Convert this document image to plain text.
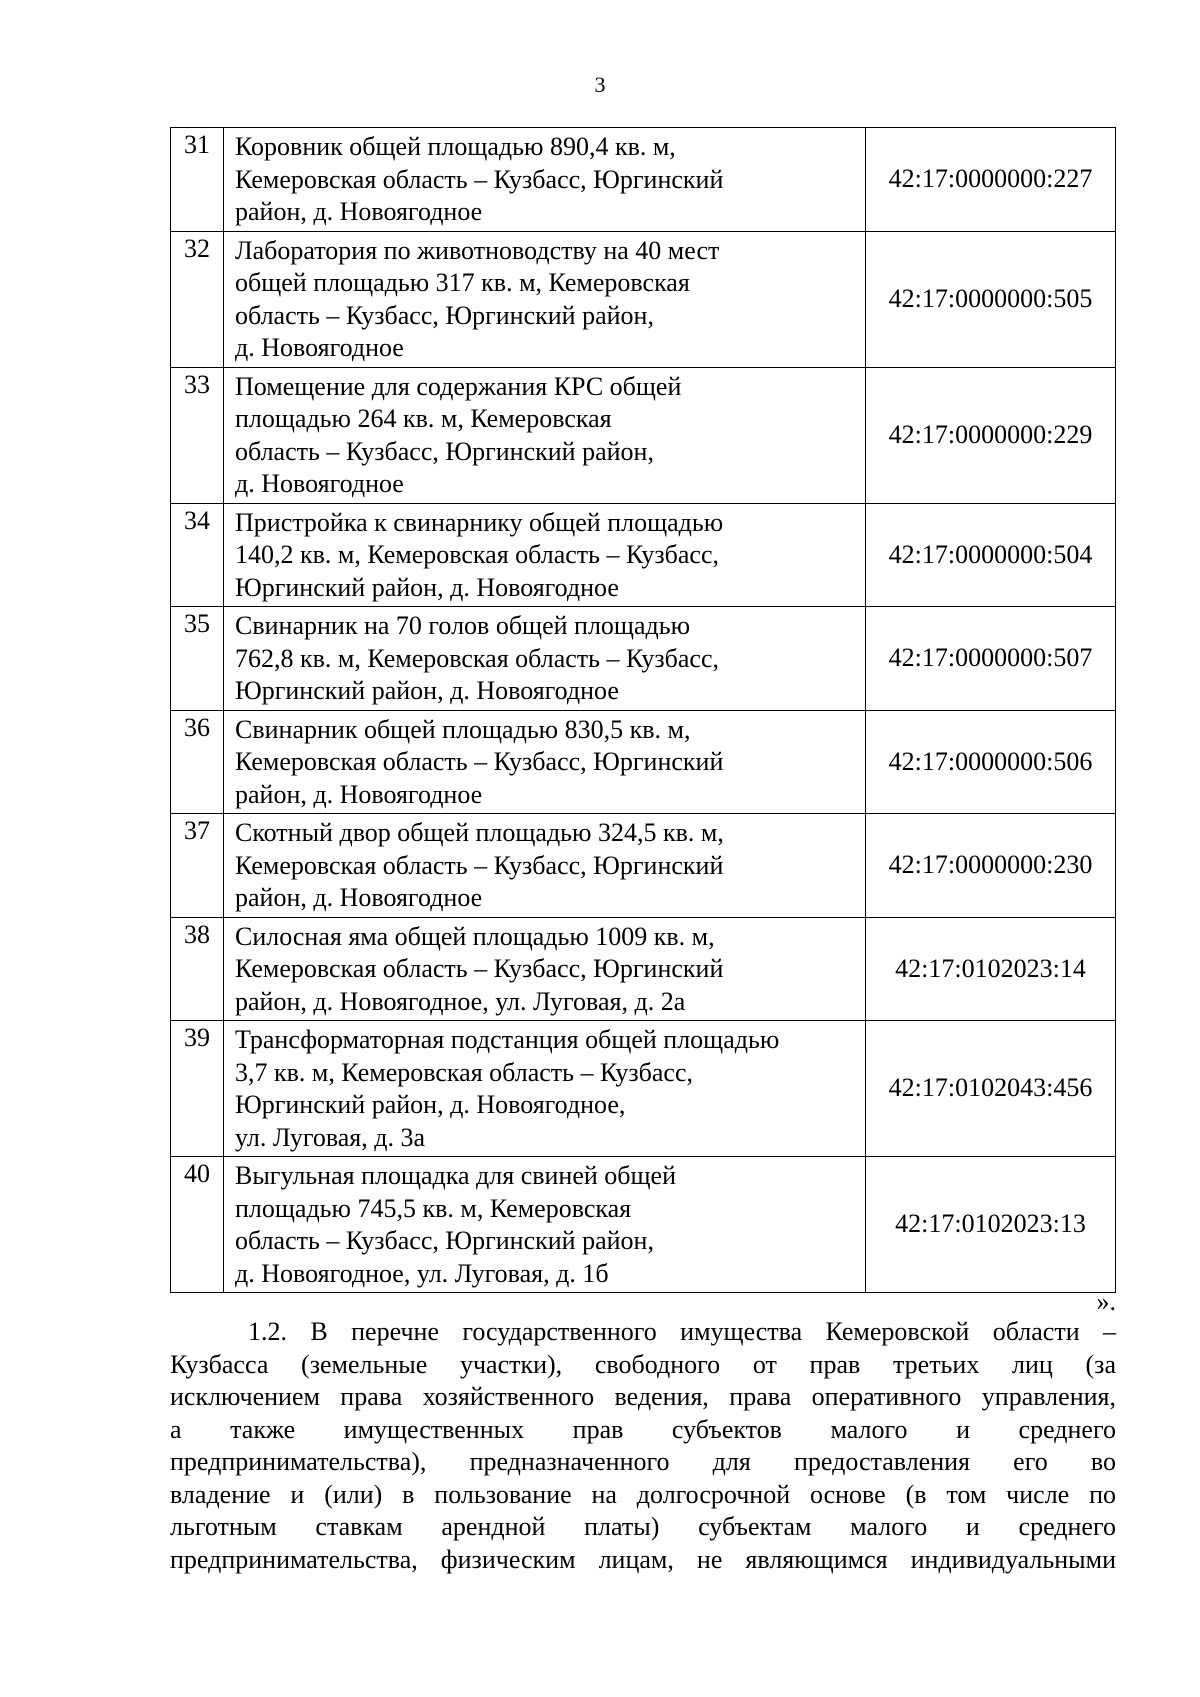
3
31	Коровник общей площадью 890,4 кв. м,
Кемеровская область – Кузбасс, Юргинский
район, д. Новоягодное	42:17:0000000:227
32	Лаборатория по животноводству на 40 мест
общей площадью 317 кв. м, Кемеровская
область – Кузбасс, Юргинский район,
д. Новоягодное	42:17:0000000:505
33	Помещение для содержания КРС общей
площадью 264 кв. м, Кемеровская
область – Кузбасс, Юргинский район,
д. Новоягодное	42:17:0000000:229
34	Пристройка к свинарнику общей площадью
140,2 кв. м, Кемеровская область – Кузбасс,
Юргинский район, д. Новоягодное	42:17:0000000:504
35	Свинарник на 70 голов общей площадью
762,8 кв. м, Кемеровская область – Кузбасс,
Юргинский район, д. Новоягодное	42:17:0000000:507
36	Свинарник общей площадью 830,5 кв. м,
Кемеровская область – Кузбасс, Юргинский
район, д. Новоягодное	42:17:0000000:506
37	Скотный двор общей площадью 324,5 кв. м,
Кемеровская область – Кузбасс, Юргинский
район, д. Новоягодное	42:17:0000000:230
38	Силосная яма общей площадью 1009 кв. м,
Кемеровская область – Кузбасс, Юргинский
район, д. Новоягодное, ул. Луговая, д. 2а	42:17:0102023:14
39	Трансформаторная подстанция общей площадью
3,7 кв. м, Кемеровская область – Кузбасс,
Юргинский район, д. Новоягодное,
ул. Луговая, д. 3а	42:17:0102043:456
40	Выгульная площадка для свиней общей
площадью 745,5 кв. м, Кемеровская
область – Кузбасс, Юргинский район,
д. Новоягодное, ул. Луговая, д. 1б	42:17:0102023:13
».
1.2. В перечне государственного имущества Кемеровской области –
Кузбасса (земельные участки), свободного от прав третьих лиц (за
исключением права хозяйственного ведения, права оперативного управления,
а также имущественных прав субъектов малого и среднего
предпринимательства), предназначенного для предоставления его во
владение и (или) в пользование на долгосрочной основе (в том числе по
льготным ставкам арендной платы) субъектам малого и среднего
предпринимательства, физическим лицам, не являющимся индивидуальными
